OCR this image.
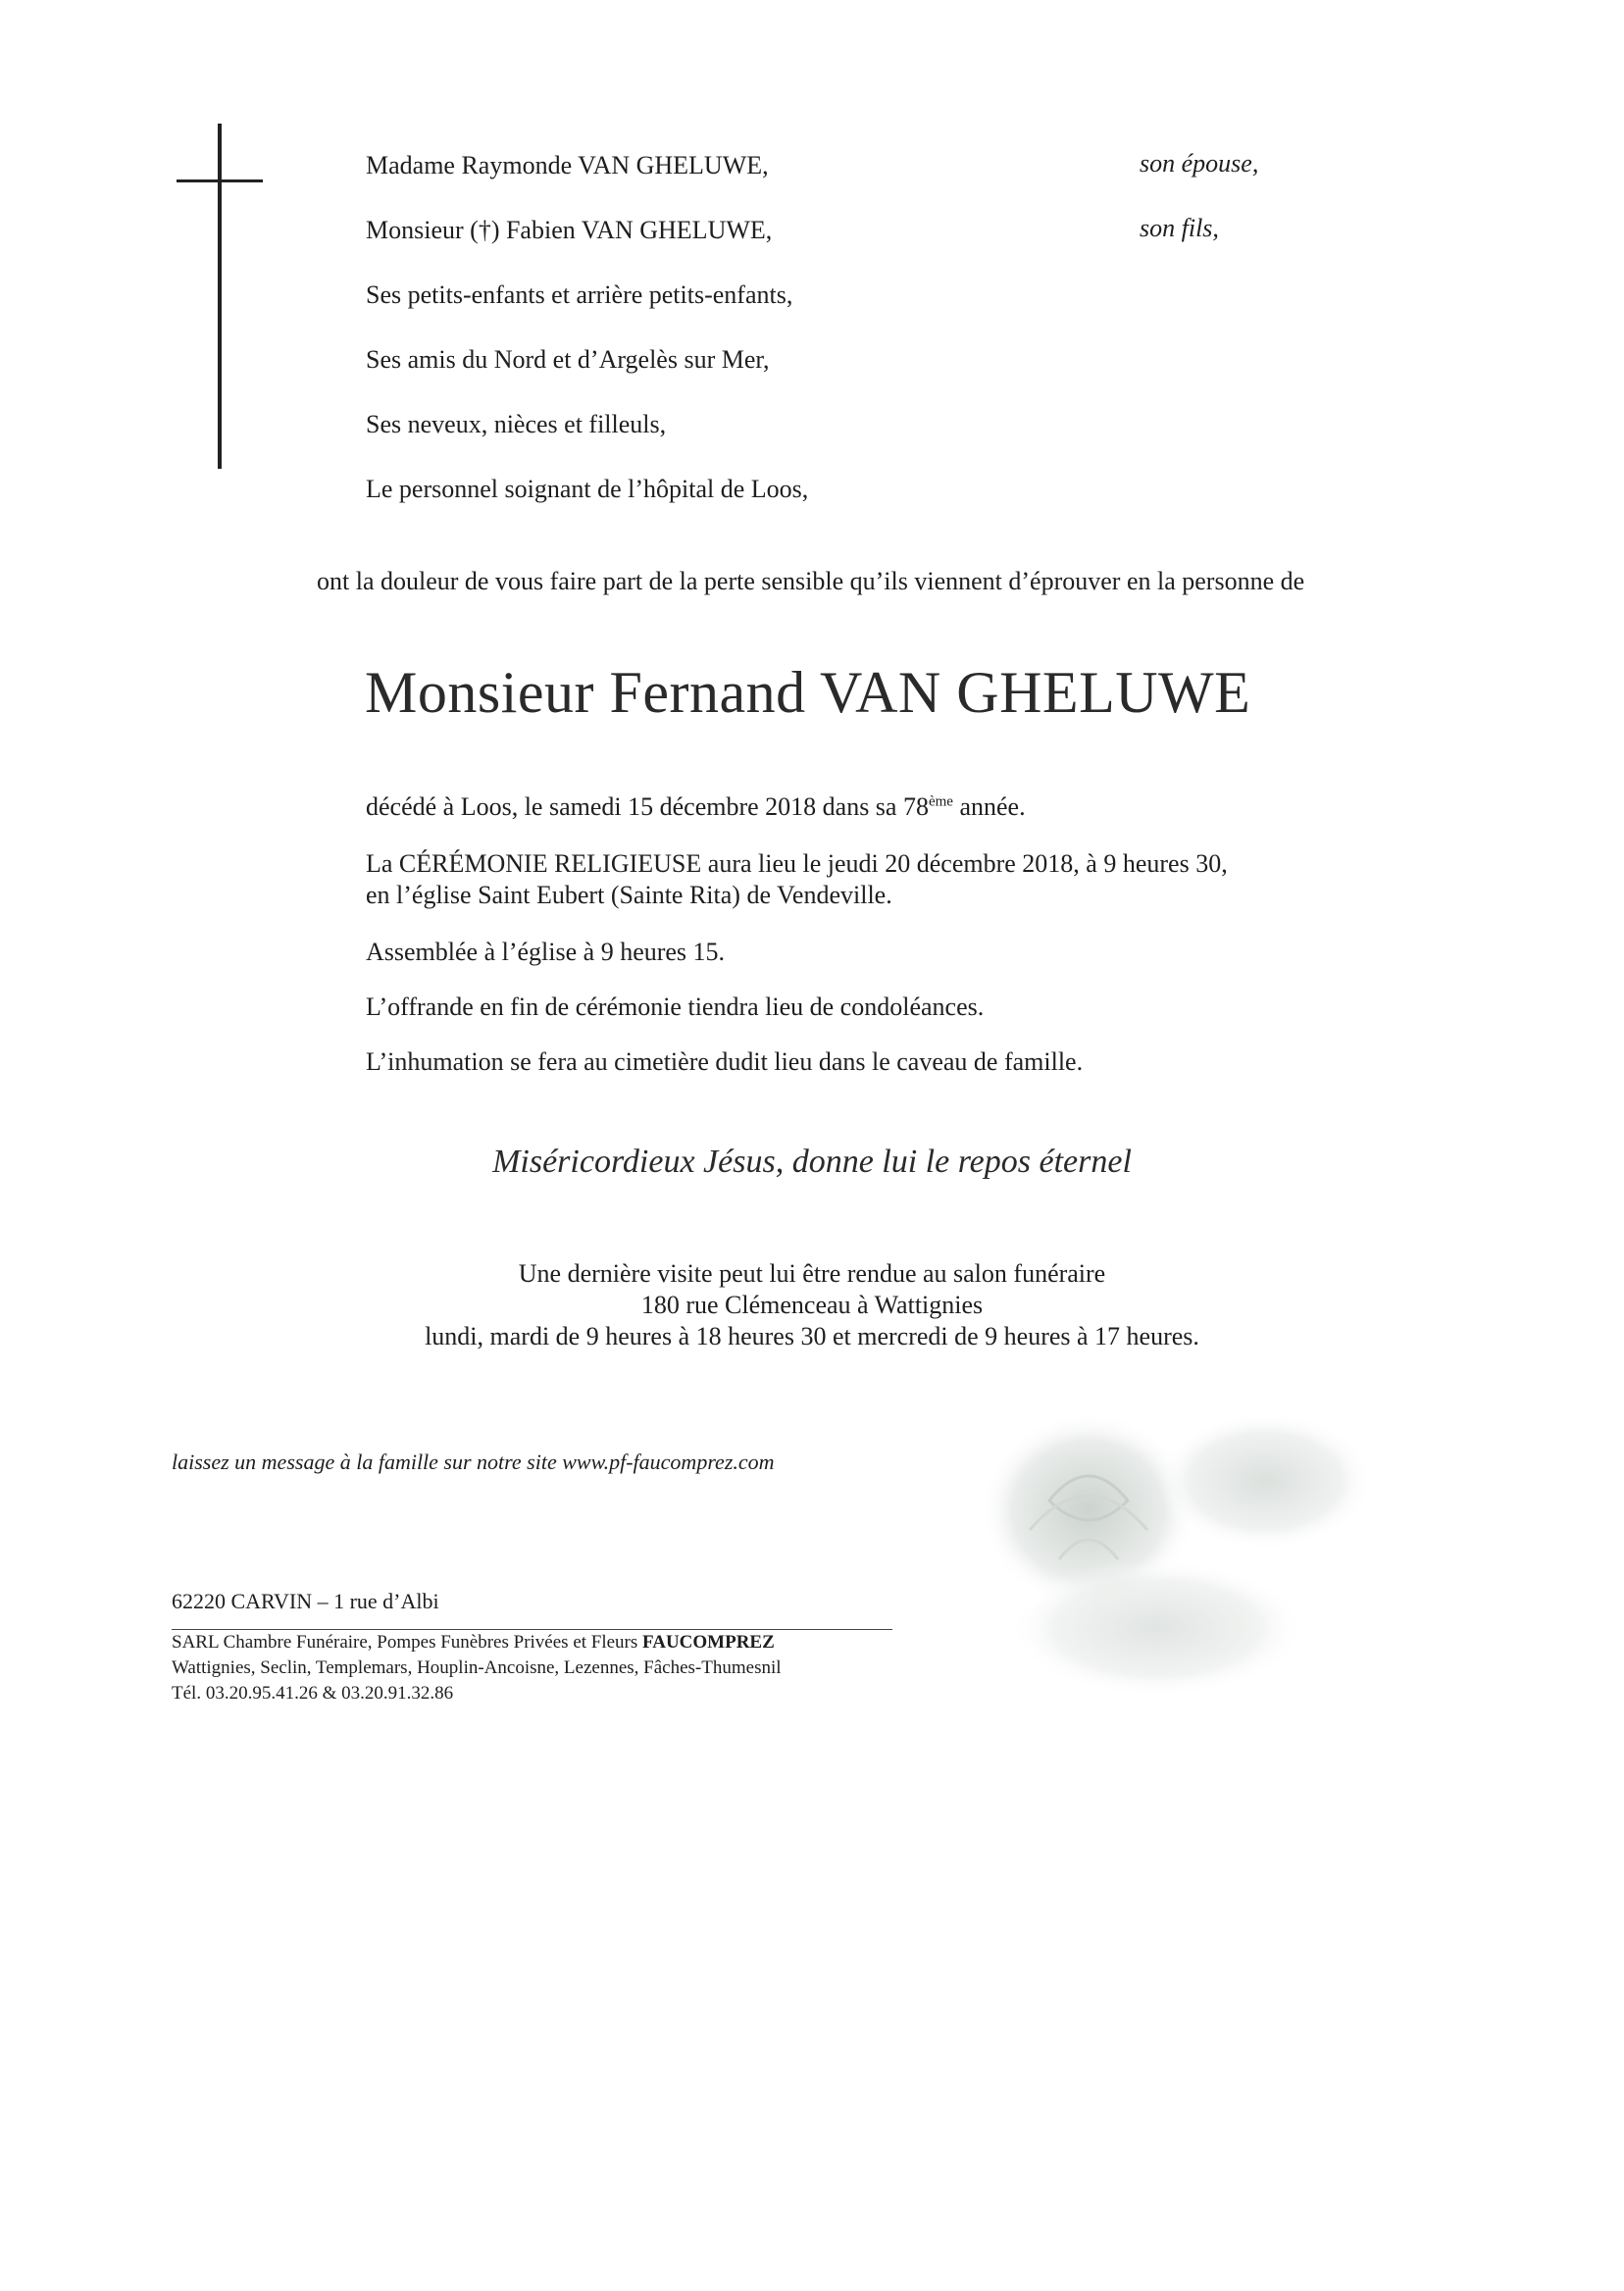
Madame Raymonde VAN GHELUWE,	son épouse,
Monsieur (†) Fabien VAN GHELUWE,	son fils,
Ses petits-enfants et arrière petits-enfants,
Ses amis du Nord et d’Argelès sur Mer,
Ses neveux, nièces et filleuls,
Le personnel soignant de l’hôpital de Loos,
ont la douleur de vous faire part de la perte sensible qu’ils viennent d’éprouver en la personne de
Monsieur Fernand VAN GHELUWE
décédé à Loos, le samedi 15 décembre 2018 dans sa 78ème année.
La CÉRÉMONIE RELIGIEUSE aura lieu le jeudi 20 décembre 2018, à 9 heures 30,
en l’église Saint Eubert (Sainte Rita) de Vendeville.
Assemblée à l’église à 9 heures 15.
L’offrande en fin de cérémonie tiendra lieu de condoléances.
L’inhumation se fera au cimetière dudit lieu dans le caveau de famille.
Miséricordieux Jésus, donne lui le repos éternel
Une dernière visite peut lui être rendue au salon funéraire
180 rue Clémenceau à Wattignies
lundi, mardi de 9 heures à 18 heures 30 et mercredi de 9 heures à 17 heures.
laissez un message à la famille sur notre site www.pf-faucomprez.com
62220 CARVIN – 1 rue d’Albi
SARL Chambre Funéraire, Pompes Funèbres Privées et Fleurs FAUCOMPREZ
Wattignies, Seclin, Templemars, Houplin-Ancoisne, Lezennes, Fâches-Thumesnil
Tél. 03.20.95.41.26 & 03.20.91.32.86
